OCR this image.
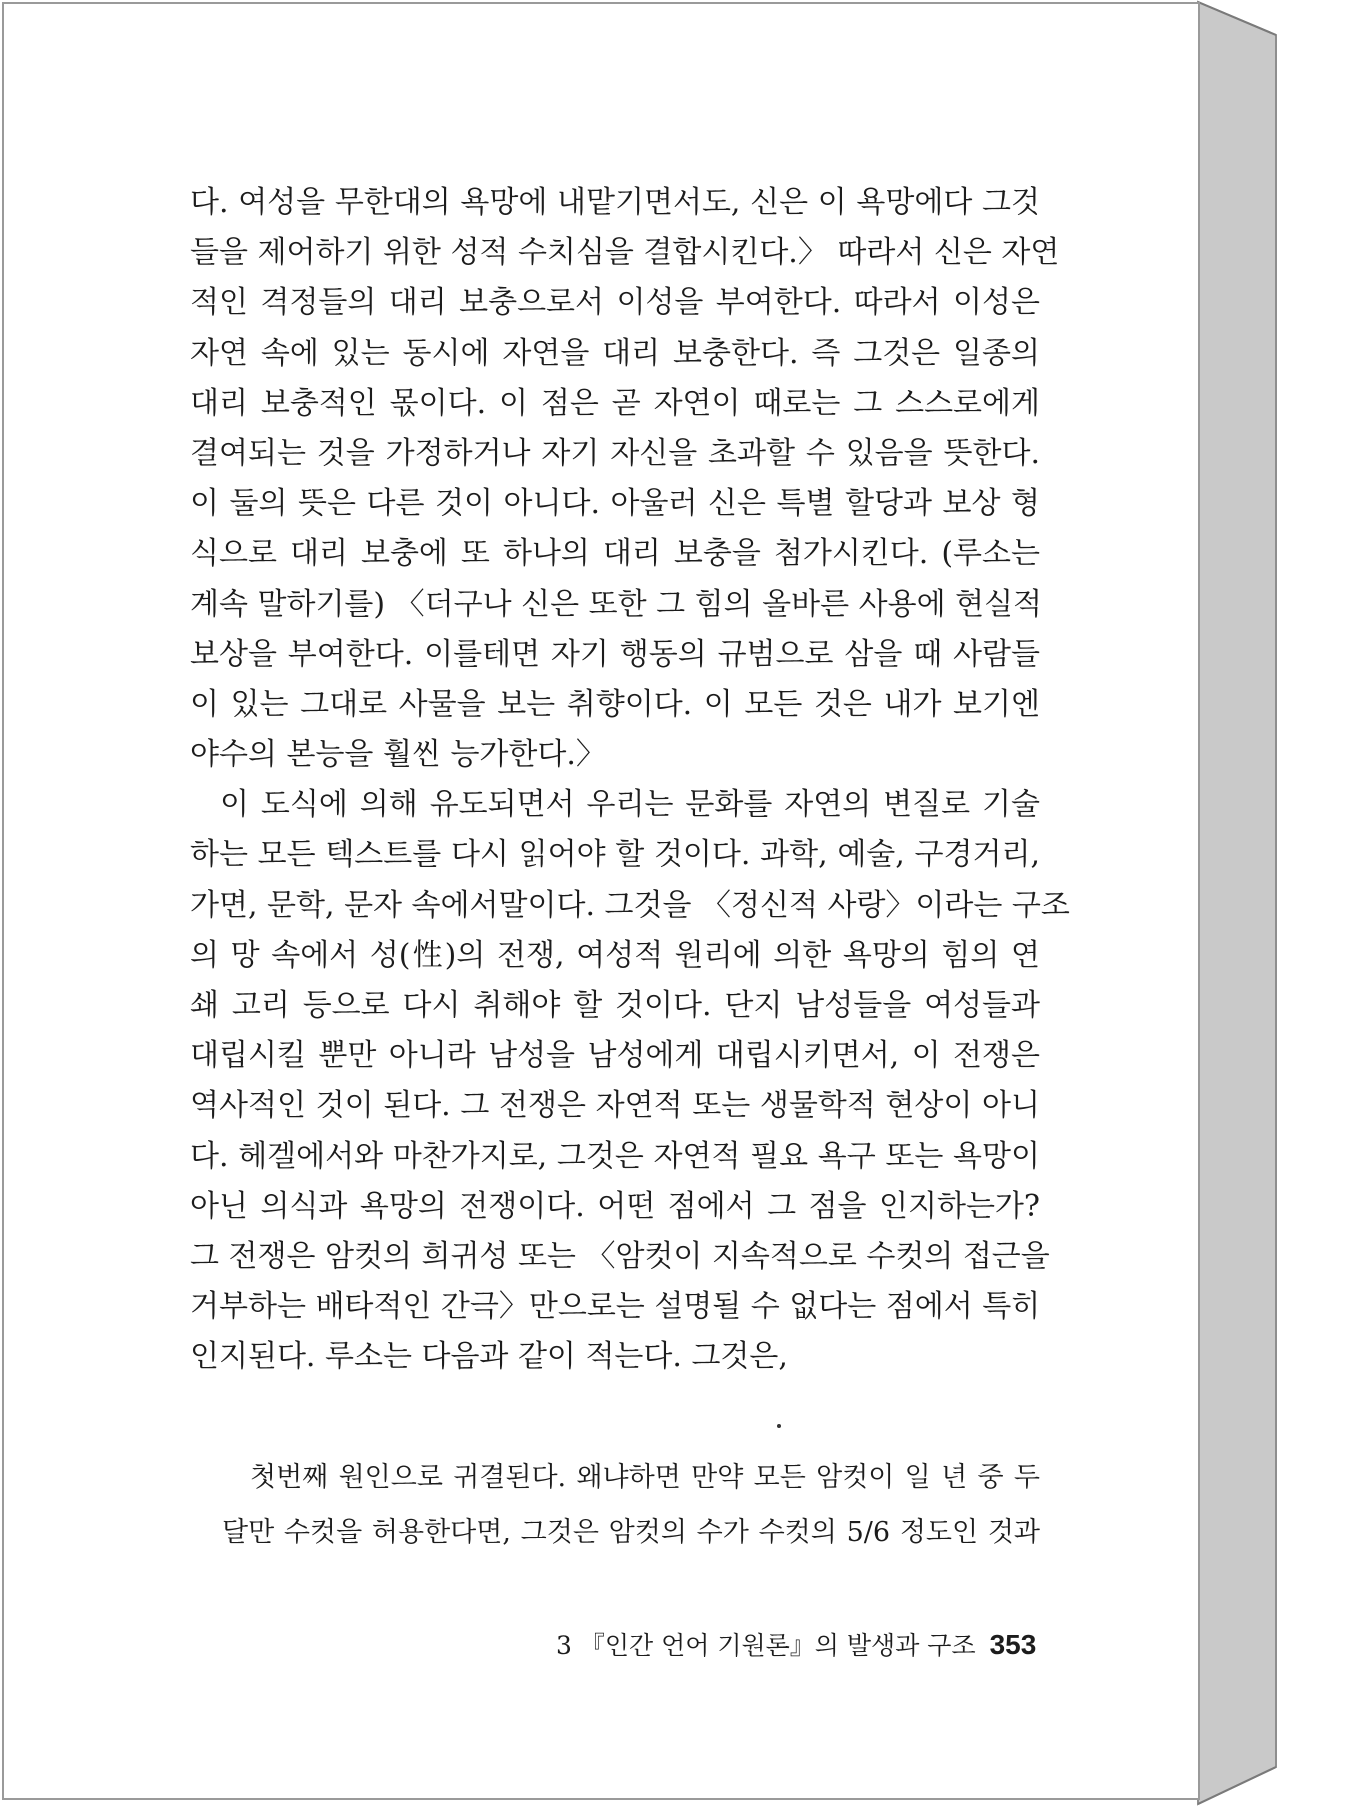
다. 여성을 무한대의 욕망에 내맡기면서도, 신은 이 욕망에다 그것
들을 제어하기 위한 성적 수치심을 결합시킨다.〉 따라서 신은 자연
적인 격정들의 대리 보충으로서 이성을 부여한다. 따라서 이성은
자연 속에 있는 동시에 자연을 대리 보충한다. 즉 그것은 일종의
대리 보충적인 몫이다. 이 점은 곧 자연이 때로는 그 스스로에게
결여되는 것을 가정하거나 자기 자신을 초과할 수 있음을 뜻한다.
이 둘의 뜻은 다른 것이 아니다. 아울러 신은 특별 할당과 보상 형
식으로 대리 보충에 또 하나의 대리 보충을 첨가시킨다. (루소는
계속 말하기를) 〈더구나 신은 또한 그 힘의 올바른 사용에 현실적
보상을 부여한다. 이를테면 자기 행동의 규범으로 삼을 때 사람들
이 있는 그대로 사물을 보는 취향이다. 이 모든 것은 내가 보기엔
야수의 본능을 훨씬 능가한다.〉
이 도식에 의해 유도되면서 우리는 문화를 자연의 변질로 기술
하는 모든 텍스트를 다시 읽어야 할 것이다. 과학, 예술, 구경거리,
가면, 문학, 문자 속에서말이다. 그것을 〈정신적 사랑〉이라는 구조
의 망 속에서 성(性)의 전쟁, 여성적 원리에 의한 욕망의 힘의 연
쇄 고리 등으로 다시 취해야 할 것이다. 단지 남성들을 여성들과
대립시킬 뿐만 아니라 남성을 남성에게 대립시키면서, 이 전쟁은
역사적인 것이 된다. 그 전쟁은 자연적 또는 생물학적 현상이 아니
다. 헤겔에서와 마찬가지로, 그것은 자연적 필요 욕구 또는 욕망이
아닌 의식과 욕망의 전쟁이다. 어떤 점에서 그 점을 인지하는가?
그 전쟁은 암컷의 희귀성 또는 〈암컷이 지속적으로 수컷의 접근을
거부하는 배타적인 간극〉만으로는 설명될 수 없다는 점에서 특히
인지된다. 루소는 다음과 같이 적는다. 그것은,
첫번째 원인으로 귀결된다. 왜냐하면 만약 모든 암컷이 일 년 중 두
달만 수컷을 허용한다면, 그것은 암컷의 수가 수컷의 5/6 정도인 것과
3 『인간 언어 기원론』의 발생과 구조 353
